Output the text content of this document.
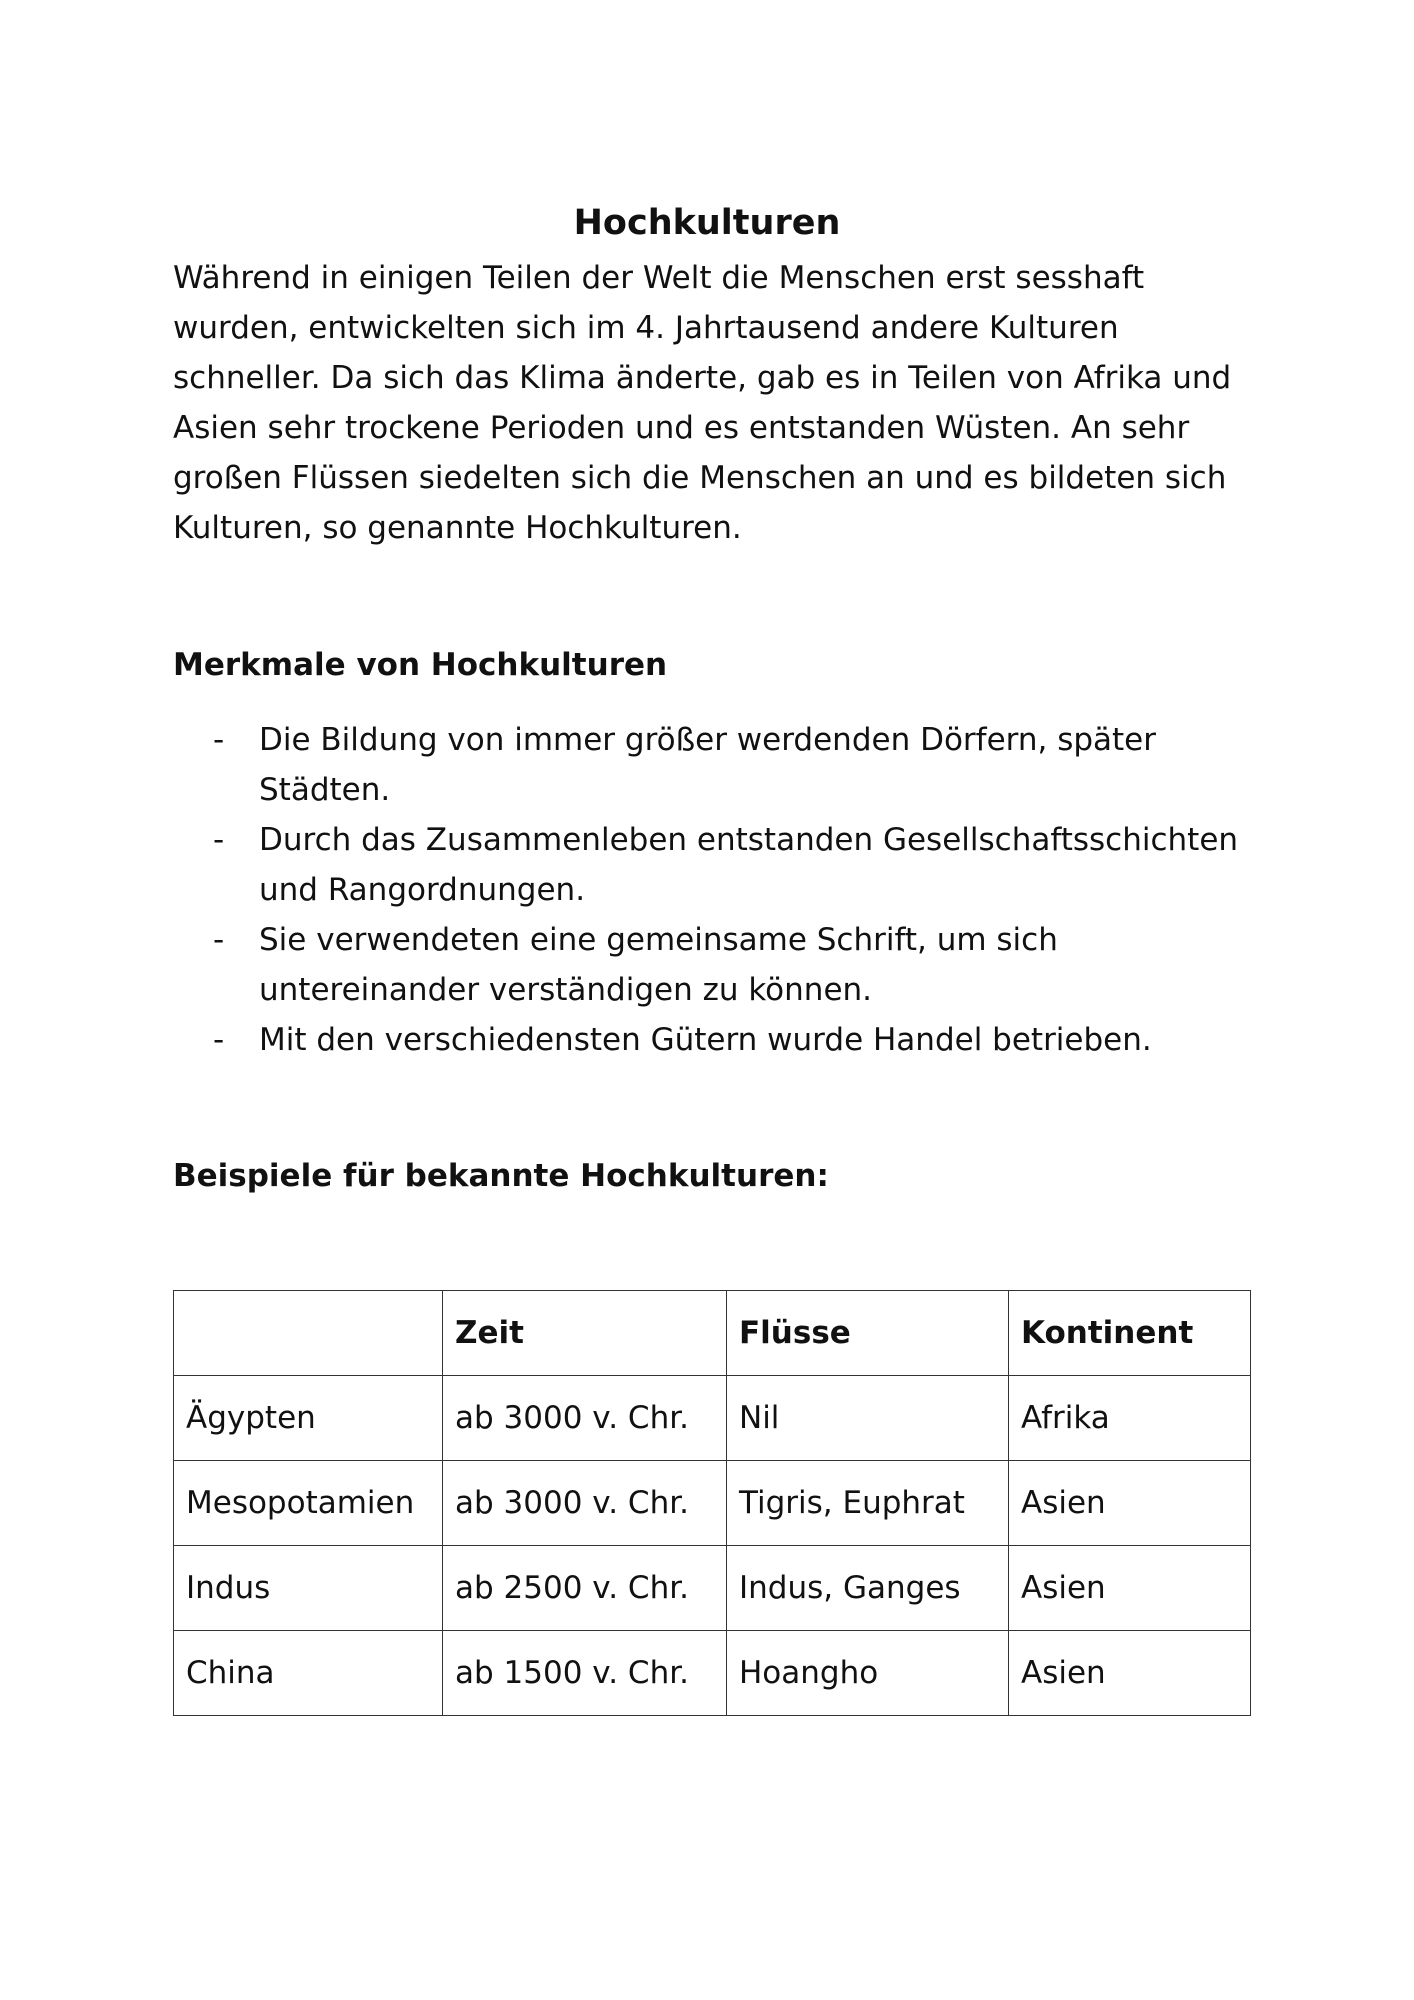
Hochkulturen

Während in einigen Teilen der Welt die Menschen erst sesshaft
wurden, entwickelten sich im 4. Jahrtausend andere Kulturen
schneller. Da sich das Klima änderte, gab es in Teilen von Afrika und
Asien sehr trockene Perioden und es entstanden Wüsten. An sehr
großen Flüssen siedelten sich die Menschen an und es bildeten sich
Kulturen, so genannte Hochkulturen.

Merkmale von Hochkulturen
- Die Bildung von immer größer werdenden Dörfern, später
Städten.
- Durch das Zusammenleben entstanden Gesellschaftsschichten
und Rangordnungen.
- Sie verwendeten eine gemeinsame Schrift, um sich
untereinander verständigen zu können.
- Mit den verschiedensten Gütern wurde Handel betrieben.
Beispiele für bekannte Hochkulturen:
	Zeit	Flüsse	Kontinent
Ägypten	ab 3000 v. Chr.	Nil	Afrika
Mesopotamien	ab 3000 v. Chr.	Tigris, Euphrat	Asien
Indus	ab 2500 v. Chr.	Indus, Ganges	Asien
China	ab 1500 v. Chr.	Hoangho	Asien
